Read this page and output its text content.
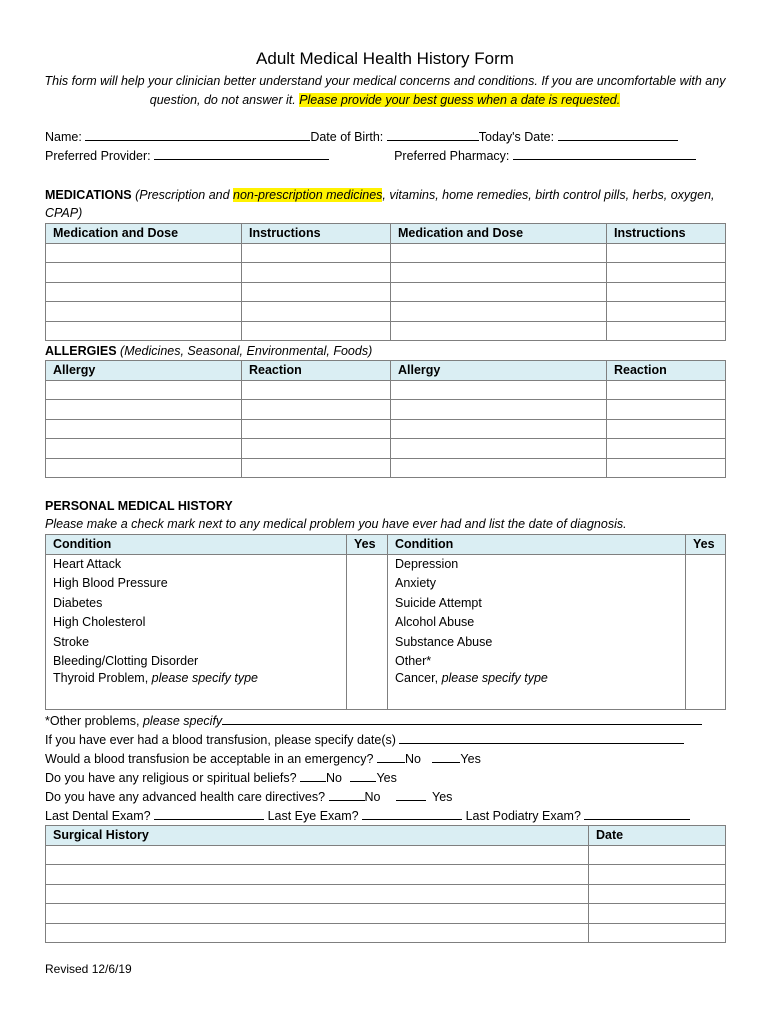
Adult Medical Health History Form
This form will help your clinician better understand your medical concerns and conditions. If you are uncomfortable with any question, do not answer it. Please provide your best guess when a date is requested.
Name:	Date of Birth:	Today's Date:
Preferred Provider:	Preferred Pharmacy:
MEDICATIONS (Prescription and non-prescription medicines, vitamins, home remedies, birth control pills, herbs, oxygen, CPAP)
Medication and Dose	Instructions	Medication and Dose	Instructions

ALLERGIES (Medicines, Seasonal, Environmental, Foods)
Allergy	Reaction	Allergy	Reaction

PERSONAL MEDICAL HISTORY
Please make a check mark next to any medical problem you have ever had and list the date of diagnosis.
Condition	Yes	Condition	Yes
Heart Attack		Depression	
High Blood Pressure		Anxiety	
Diabetes		Suicide Attempt	
High Cholesterol		Alcohol Abuse	
Stroke		Substance Abuse	
Bleeding/Clotting Disorder		Other*	
Thyroid Problem, please specify type		Cancer, please specify type	
*Other problems, please specify
If you have ever had a blood transfusion, please specify date(s)
Would a blood transfusion be acceptable in an emergency?	No	Yes
Do you have any religious or spiritual beliefs? No	Yes
Do you have any advanced health care directives?	No	Yes
Last Dental Exam?	Last Eye Exam?	Last Podiatry Exam?
Surgical History	Date

Revised 12/6/19
